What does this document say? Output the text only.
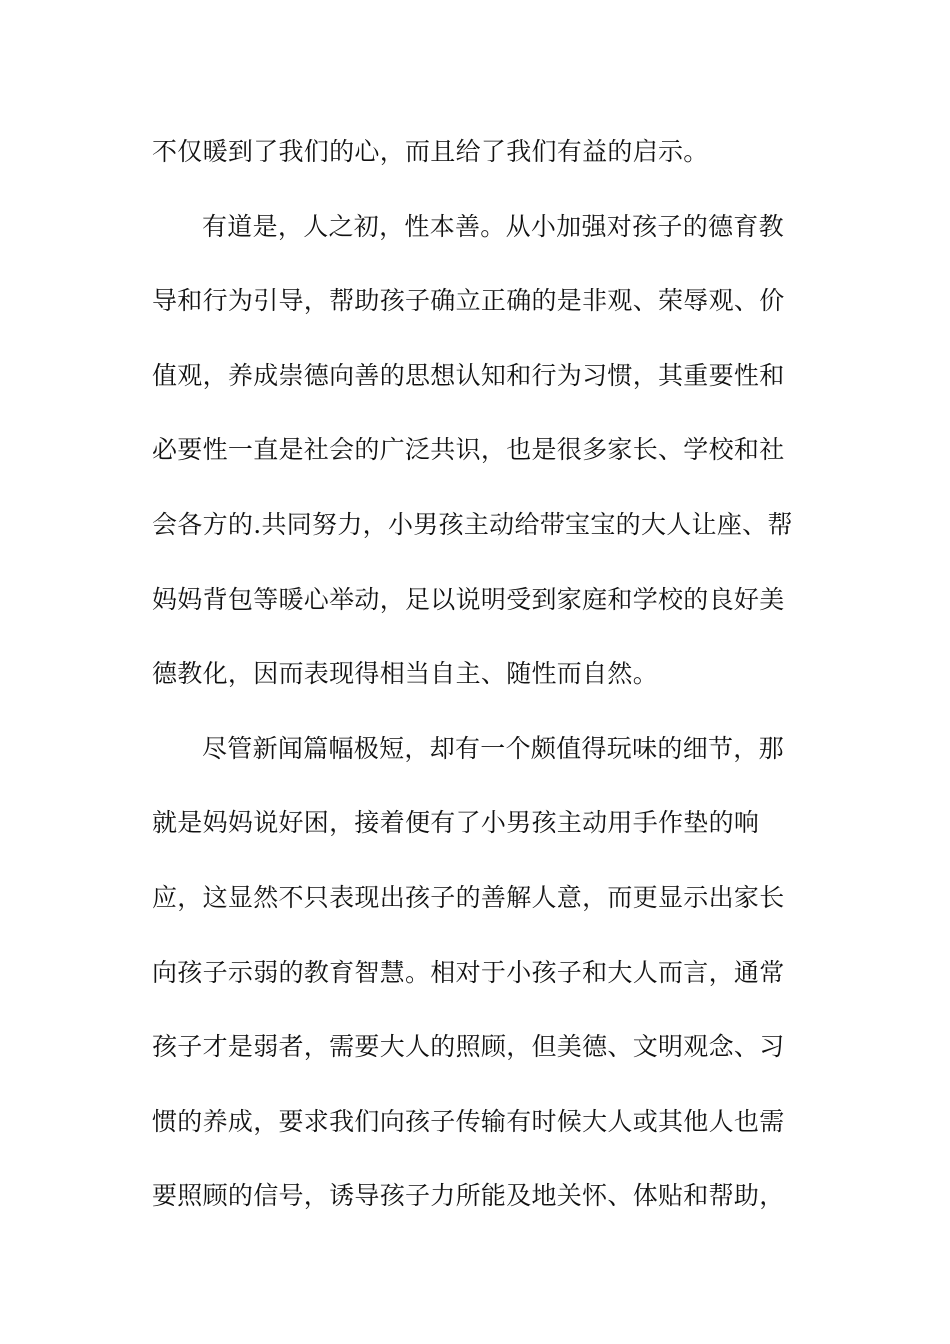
不仅暖到了我们的心，而且给了我们有益的启示。
有道是，人之初，性本善。从小加强对孩子的德育教
导和行为引导，帮助孩子确立正确的是非观、荣辱观、价
值观，养成崇德向善的思想认知和行为习惯，其重要性和
必要性一直是社会的广泛共识，也是很多家长、学校和社
会各方的.共同努力，小男孩主动给带宝宝的大人让座、帮
妈妈背包等暖心举动，足以说明受到家庭和学校的良好美
德教化，因而表现得相当自主、随性而自然。
尽管新闻篇幅极短，却有一个颇值得玩味的细节，那
就是妈妈说好困，接着便有了小男孩主动用手作垫的响
应，这显然不只表现出孩子的善解人意，而更显示出家长
向孩子示弱的教育智慧。相对于小孩子和大人而言，通常
孩子才是弱者，需要大人的照顾，但美德、文明观念、习
惯的养成，要求我们向孩子传输有时候大人或其他人也需
要照顾的信号，诱导孩子力所能及地关怀、体贴和帮助，
